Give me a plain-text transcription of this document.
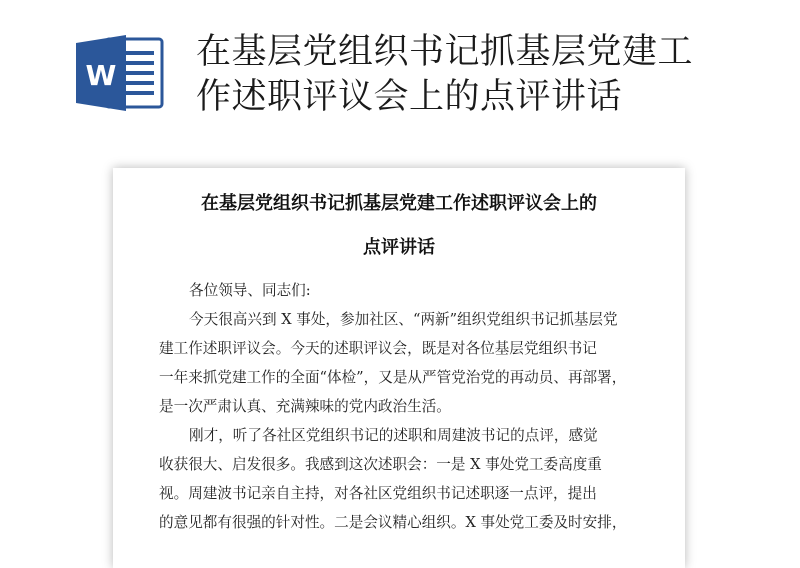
W
在基层党组织书记抓基层党建工
作述职评议会上的点评讲话
在基层党组织书记抓基层党建工作述职评议会上的
点评讲话
各位领导、同志们:
今天很高兴到 X 事处，参加社区、“两新”组织党组织书记抓基层党
建工作述职评议会。今天的述职评议会，既是对各位基层党组织书记
一年来抓党建工作的全面“体检”，又是从严管党治党的再动员、再部署，
是一次严肃认真、充满辣味的党内政治生活。
刚才，听了各社区党组织书记的述职和周建波书记的点评，感觉
收获很大、启发很多。我感到这次述职会：一是 X 事处党工委高度重
视。周建波书记亲自主持，对各社区党组织书记述职逐一点评，提出
的意见都有很强的针对性。二是会议精心组织。X 事处党工委及时安排，
